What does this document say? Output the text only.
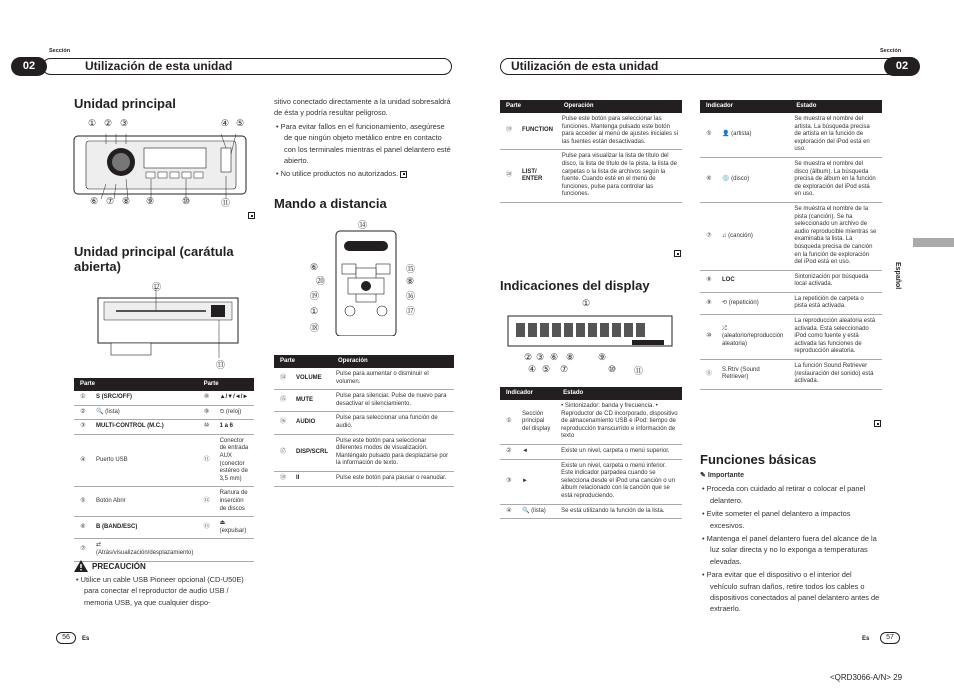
Sección
02	Utilización de esta unidad
Unidad principal
① ② ③	④ ⑤
⑥ ⑦ ⑧ ⑨	⑩	⑪
Unidad principal (carátula abierta)
⑫
⑬
Parte		Parte	
①	S (SRC/OFF)	⑧	▲/▼/◄/►
②	🔍 (lista)	⑨	⏲ (reloj)
③	MULTI-CONTROL (M.C.)	⑩	1 a 6
④	Puerto USB	⑪	Conector de entrada AUX (conector estéreo de 3,5 mm)
⑤	Botón Abrir	⑫	Ranura de inserción de discos
⑥	B (BAND/ESC)	⑬	⏏ (expulsar)
⑦	⇄ (Atrás/visualización/desplazamiento)		
PRECAUCIÓN
• Utilice un cable USB Pioneer opcional (CD-U50E) para conectar el reproductor de audio USB / memoria USB, ya que cualquier dispo-

sitivo conectado directamente a la unidad sobresaldrá de ésta y podría resultar peligroso.

• Para evitar fallos en el funcionamiento, asegúrese de que ningún objeto metálico entre en contacto con los terminales mientras el panel delantero esté abierto.

• No utilice productos no autorizados.

Mando a distancia
⑭
⑥
⑳
⑲
①
⑱
⑮
⑧
⑯
⑰
Parte		Operación
⑭	VOLUME	Pulse para aumentar o disminuir el volumen.
⑮	MUTE	Pulse para silenciar. Pulse de nuevo para desactivar el silenciamiento.
⑯	AUDIO	Pulse para seleccionar una función de audio.
⑰	DISP/SCRL	Pulse este botón para seleccionar diferentes modos de visualización. Manténgalo pulsado para desplazarse por la información de texto.
⑱	II	Pulse este botón para pausar o reanudar.
56	Es
Sección
Utilización de esta unidad	02
Parte		Operación
⑲	FUNCTION	Pulse este botón para seleccionar las funciones. Mantenga pulsado este botón para acceder al menú de ajustes iniciales si las fuentes están desactivadas.
⑳	LIST/ ENTER	Pulse para visualizar la lista de título del disco, la lista de título de la pista, la lista de carpetas o la lista de archivos según la fuente. Cuando esté en el menú de funciones, pulse para controlar las funciones.
Indicaciones del display
①
② ③ ⑥ ⑧	⑨
④ ⑤ ⑦	⑩ ⑪
Indicador		Estado
①	Sección principal del display	• Sintonizador: banda y frecuencia. • Reproductor de CD incorporado, dispositivo de almacenamiento USB e iPod: tiempo de reproducción transcurrido e información de texto
②	◄	Existe un nivel, carpeta o menú superior.
③	►	Existe un nivel, carpeta o menú inferior. Este indicador parpadea cuando se selecciona desde el iPod una canción o un álbum relacionado con la canción que se está reproduciendo.
④	🔍 (lista)	Se está utilizando la función de la lista.
Indicador		Estado
⑤	👤 (artista)	Se muestra el nombre del artista. La búsqueda precisa de artista en la función de exploración del iPod está en uso.
⑥	💿 (disco)	Se muestra el nombre del disco (álbum). La búsqueda precisa de álbum en la función de exploración del iPod está en uso.
⑦	♫ (canción)	Se muestra el nombre de la pista (canción). Se ha seleccionado un archivo de audio reproducible mientras se examinaba la lista. La búsqueda precisa de canción en la función de exploración del iPod está en uso.
⑧	LOC	Sintonización por búsqueda local activada.
⑨	⟲ (repetición)	La repetición de carpeta o pista está activada.
⑩	⤮ (aleatorio/reproducción aleatoria)	La reproducción aleatoria está activada. Está seleccionado iPod como fuente y está activada las funciones de reproducción aleatoria.
⑪	S.Rtrv (Sound Retriever)	La función Sound Retriever (restauración del sonido) está activada.
Funciones básicas

✎ Importante

• Proceda con cuidado al retirar o colocar el panel delantero.

• Evite someter el panel delantero a impactos excesivos.

• Mantenga el panel delantero fuera del alcance de la luz solar directa y no lo exponga a temperaturas elevadas.

• Para evitar que el dispositivo o el interior del vehículo sufran daños, retire todos los cables o dispositivos conectados al panel delantero antes de extraerlo.

Español
Es	57
<QRD3066-A/N> 29
